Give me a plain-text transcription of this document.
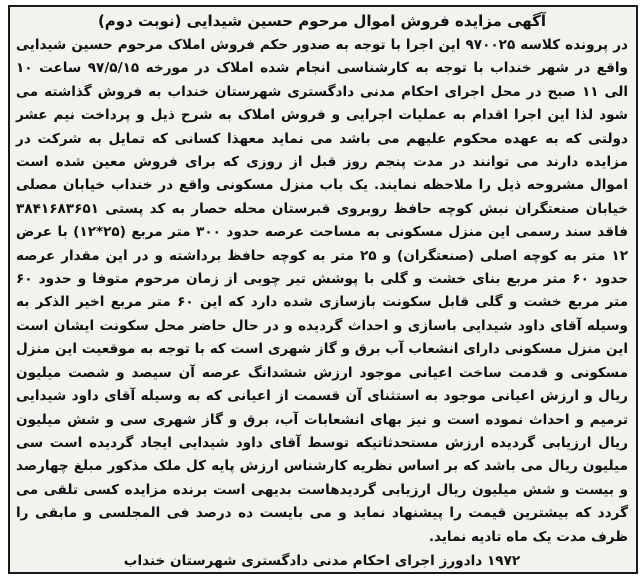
آگهی مزایده فروش اموال مرحوم حسین شیدایی (نوبت دوم)

در پرونده کلاسه ۹۷۰۰۲۵ این اجرا با توجه به صدور حکم فروش املاک مرحوم حسین شیدایی واقع در شهر خنداب با توجه به کارشناسی انجام شده املاک در مورخه ۹۷/۵/۱۵ ساعت ۱۰ الی ۱۱ صبح در محل اجرای احکام مدنی دادگستری شهرستان خنداب به فروش گذاشته می شود لذا این اجرا اقدام به عملیات اجرایی و فروش املاک به شرح ذیل و پرداخت نیم عشر دولتی که به عهده محکوم علیهم می باشد می نماید معهذا کسانی که تمایل به شرکت در مزایده دارند می توانند در مدت پنجم روز قبل از روزی که برای فروش معین شده است اموال مشروحه ذیل را ملاحظه نمایند. یک باب منزل مسکونی واقع در خنداب خیابان مصلی خیابان صنعتگران نبش کوچه حافظ روبروی قبرستان محله حصار به کد پستی ۳۸۴۱۶۸۳۶۵۱ فاقد سند رسمی این منزل مسکونی به مساحت عرصه حدود ۳۰۰ متر مربع (۲۵*۱۲) با عرض ۱۲ متر به کوچه اصلی (صنعتگران) و ۲۵ متر به کوچه حافظ برداشته و در این مقدار عرصه حدود ۶۰ متر مربع بنای خشت و گلی با پوشش تیر چوبی از زمان مرحوم متوفا و حدود ۶۰ متر مربع خشت و گلی قابل سکونت بازسازی شده دارد که این ۶۰ متر مربع اخیر الذکر به وسیله آقای داود شیدایی باسازی و احداث گردیده و در حال حاضر محل سکونت ایشان است این منزل مسکونی دارای انشعاب آب برق و گاز شهری است که با توجه به موقعیت این منزل مسکونی و قدمت ساخت اعیانی موجود ارزش ششدانگ عرصه آن سیصد و شصت میلیون ریال و ارزش اعیانی موجود به استثنای آن قسمت از اعیانی که به وسیله آقای داود شیدایی ترمیم و احداث نموده است و نیز بهای انشعابات آب، برق و گاز شهری سی و شش میلیون ریال ارزیابی گردیده ارزش مستحدثاتیکه توسط آقای داود شیدایی ایجاد گردیده است سی میلیون ریال می باشد که بر اساس نظریه کارشناس ارزش پایه کل ملک مذکور مبلغ چهارصد و بیست و شش میلیون ریال ارزیابی گردیدهاست بدیهی است برنده مزایده کسی تلقی می گردد که بیشترین قیمت را پیشنهاد نماید و می بایست ده درصد فی المجلسی و مابقی را ظرف مدت یک ماه تادیه نماید.

۱۹۷۲ دادورز اجرای احکام مدنی دادگستری شهرستان خنداب
